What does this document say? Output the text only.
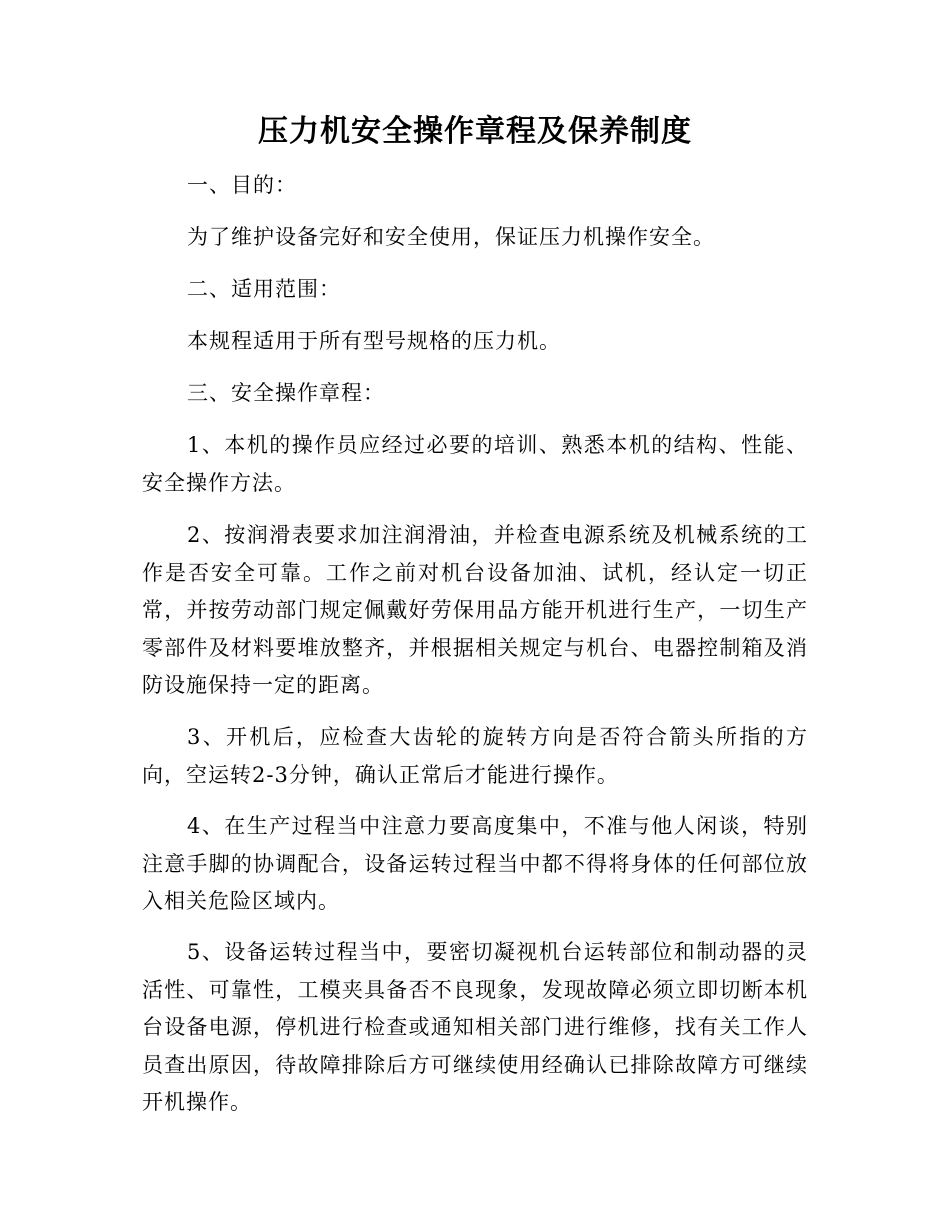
压力机安全操作章程及保养制度
一、目的：
为了维护设备完好和安全使用，保证压力机操作安全。
二、适用范围：
本规程适用于所有型号规格的压力机。
三、安全操作章程：
1、本机的操作员应经过必要的培训、熟悉本机的结构、性能、安全操作方法。
2、按润滑表要求加注润滑油，并检查电源系统及机械系统的工作是否安全可靠。工作之前对机台设备加油、试机，经认定一切正常，并按劳动部门规定佩戴好劳保用品方能开机进行生产，一切生产零部件及材料要堆放整齐，并根据相关规定与机台、电器控制箱及消防设施保持一定的距离。
3、开机后，应检查大齿轮的旋转方向是否符合箭头所指的方向，空运转2-3分钟，确认正常后才能进行操作。
4、在生产过程当中注意力要高度集中，不准与他人闲谈，特别注意手脚的协调配合，设备运转过程当中都不得将身体的任何部位放入相关危险区域内。
5、设备运转过程当中，要密切凝视机台运转部位和制动器的灵活性、可靠性，工模夹具备否不良现象，发现故障必须立即切断本机台设备电源，停机进行检查或通知相关部门进行维修，找有关工作人员查出原因，待故障排除后方可继续使用经确认已排除故障方可继续开机操作。
